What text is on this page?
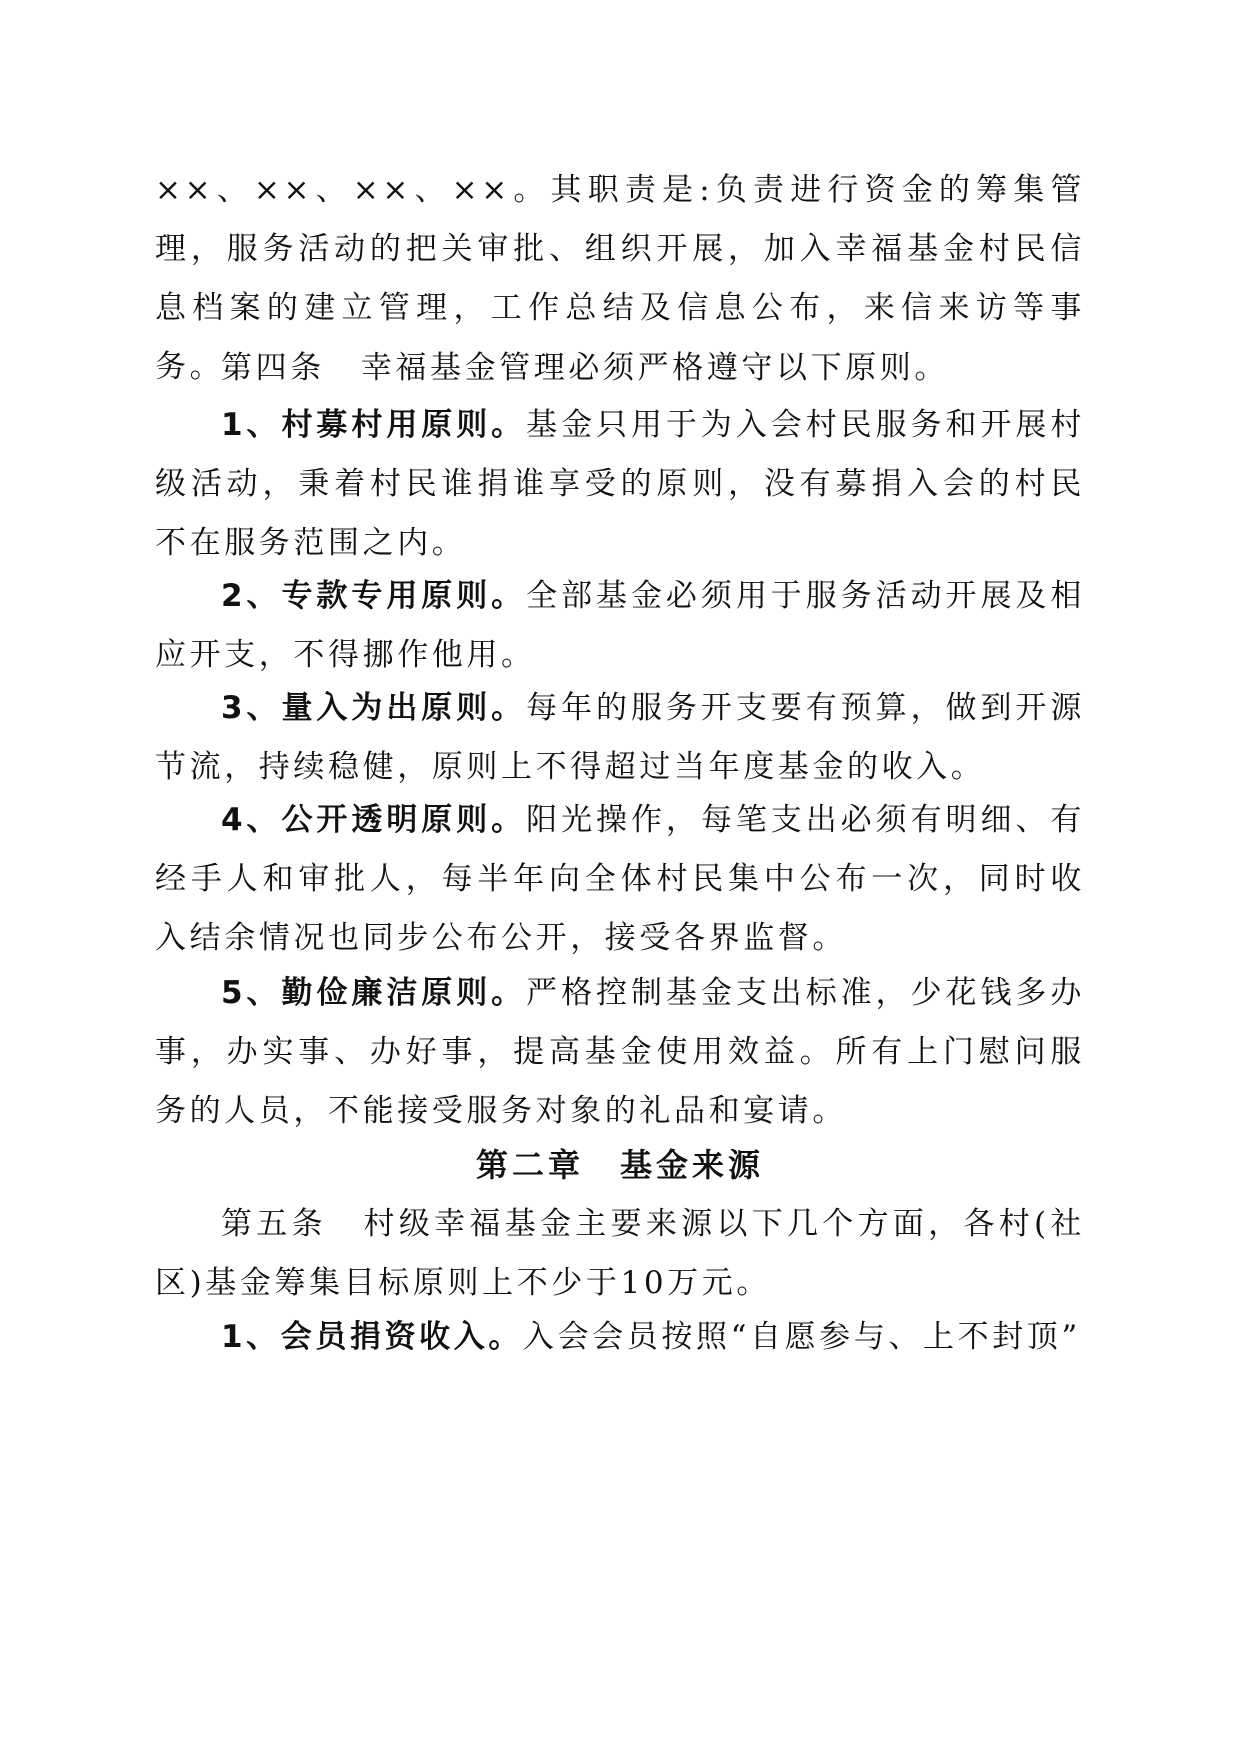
××、××、××、××。其职责是:负责进行资金的筹集管理，服务活动的把关审批、组织开展，加入幸福基金村民信息档案的建立管理，工作总结及信息公布，来信来访等事务。

第四条 幸福基金管理必须严格遵守以下原则。

1、村募村用原则。基金只用于为入会村民服务和开展村级活动，秉着村民谁捐谁享受的原则，没有募捐入会的村民不在服务范围之内。

2、专款专用原则。全部基金必须用于服务活动开展及相应开支，不得挪作他用。

3、量入为出原则。每年的服务开支要有预算，做到开源节流，持续稳健，原则上不得超过当年度基金的收入。

4、公开透明原则。阳光操作，每笔支出必须有明细、有经手人和审批人，每半年向全体村民集中公布一次，同时收入结余情况也同步公布公开，接受各界监督。

5、勤俭廉洁原则。严格控制基金支出标准，少花钱多办事，办实事、办好事，提高基金使用效益。所有上门慰问服务的人员，不能接受服务对象的礼品和宴请。

第二章 基金来源

第五条 村级幸福基金主要来源以下几个方面，各村(社区)基金筹集目标原则上不少于10万元。

1、会员捐资收入。入会会员按照“自愿参与、上不封顶”
